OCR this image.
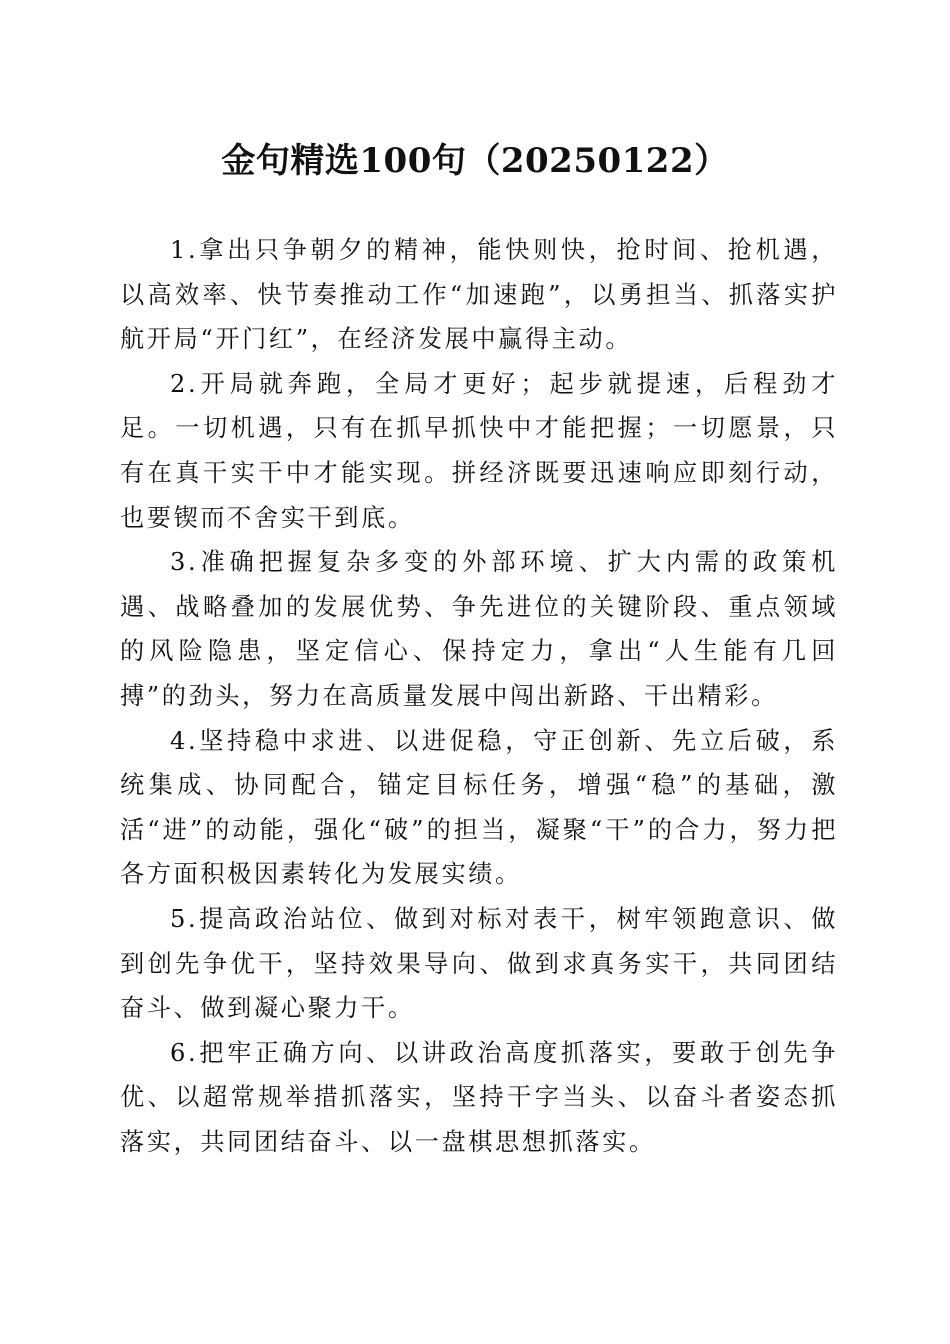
金句精选100句（20250122）

1.拿出只争朝夕的精神，能快则快，抢时间、抢机遇，以高效率、快节奏推动工作“加速跑”，以勇担当、抓落实护航开局“开门红”，在经济发展中赢得主动。

2.开局就奔跑，全局才更好；起步就提速，后程劲才足。一切机遇，只有在抓早抓快中才能把握；一切愿景，只有在真干实干中才能实现。拼经济既要迅速响应即刻行动，也要锲而不舍实干到底。

3.准确把握复杂多变的外部环境、扩大内需的政策机遇、战略叠加的发展优势、争先进位的关键阶段、重点领域的风险隐患，坚定信心、保持定力，拿出“人生能有几回搏”的劲头，努力在高质量发展中闯出新路、干出精彩。

4.坚持稳中求进、以进促稳，守正创新、先立后破，系统集成、协同配合，锚定目标任务，增强“稳”的基础，激活“进”的动能，强化“破”的担当，凝聚“干”的合力，努力把各方面积极因素转化为发展实绩。

5.提高政治站位、做到对标对表干，树牢领跑意识、做到创先争优干，坚持效果导向、做到求真务实干，共同团结奋斗、做到凝心聚力干。

6.把牢正确方向、以讲政治高度抓落实，要敢于创先争优、以超常规举措抓落实，坚持干字当头、以奋斗者姿态抓落实，共同团结奋斗、以一盘棋思想抓落实。
